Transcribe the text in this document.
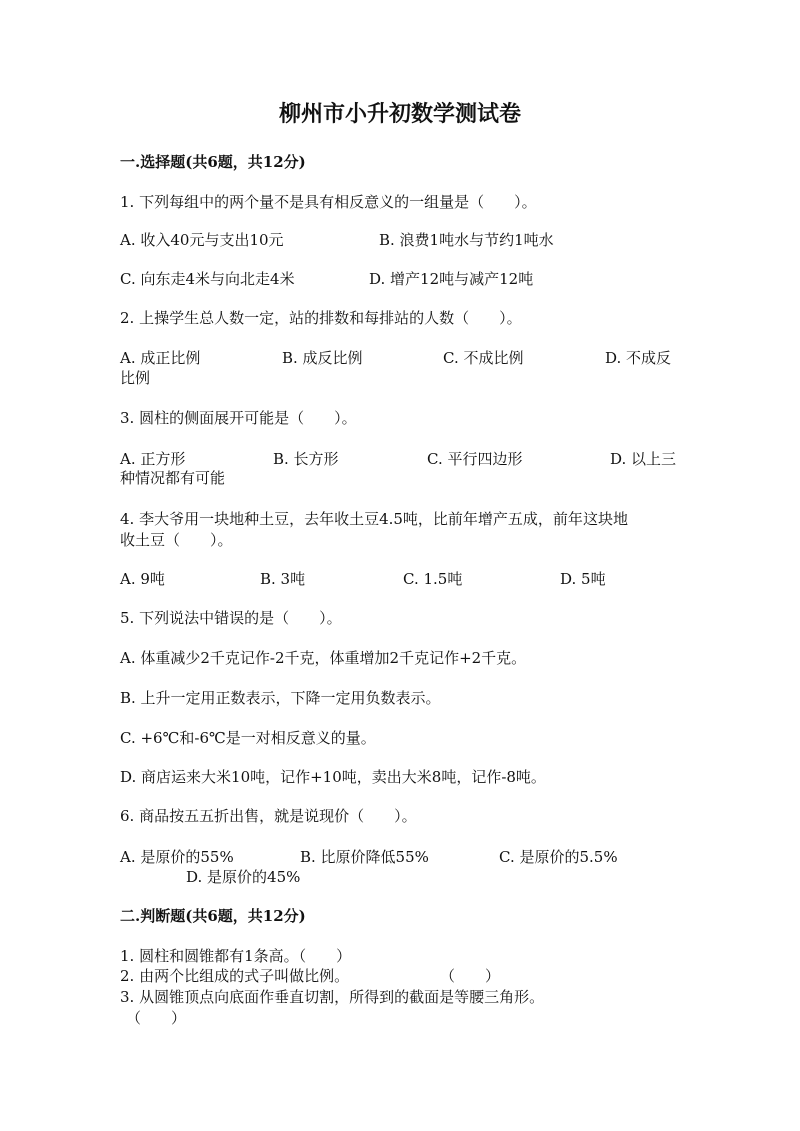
柳州市小升初数学测试卷
一.选择题(共6题，共12分)
1. 下列每组中的两个量不是具有相反意义的一组量是（　　）。
A. 收入40元与支出10元	B. 浪费1吨水与节约1吨水
C. 向东走4米与向北走4米	D. 增产12吨与减产12吨
2. 上操学生总人数一定，站的排数和每排站的人数（　　）。
A. 成正比例	B. 成反比例	C. 不成比例	D. 不成反
比例
3. 圆柱的侧面展开可能是（　　）。
A. 正方形	B. 长方形	C. 平行四边形	D. 以上三
种情况都有可能
4. 李大爷用一块地种土豆，去年收土豆4.5吨，比前年增产五成，前年这块地
收土豆（　　）。
A. 9吨	B. 3吨	C. 1.5吨	D. 5吨
5. 下列说法中错误的是（　　）。
A. 体重减少2千克记作-2千克，体重增加2千克记作+2千克。
B. 上升一定用正数表示，下降一定用负数表示。
C. +6℃和-6℃是一对相反意义的量。
D. 商店运来大米10吨，记作+10吨，卖出大米8吨，记作-8吨。
6. 商品按五五折出售，就是说现价（　　）。
A. 是原价的55%	B. 比原价降低55%	C. 是原价的5.5%
D. 是原价的45%
二.判断题(共6题，共12分)
1. 圆柱和圆锥都有1条高。（　　）
2. 由两个比组成的式子叫做比例。	（　　）
3. 从圆锥顶点向底面作垂直切割，所得到的截面是等腰三角形。
（　　）
